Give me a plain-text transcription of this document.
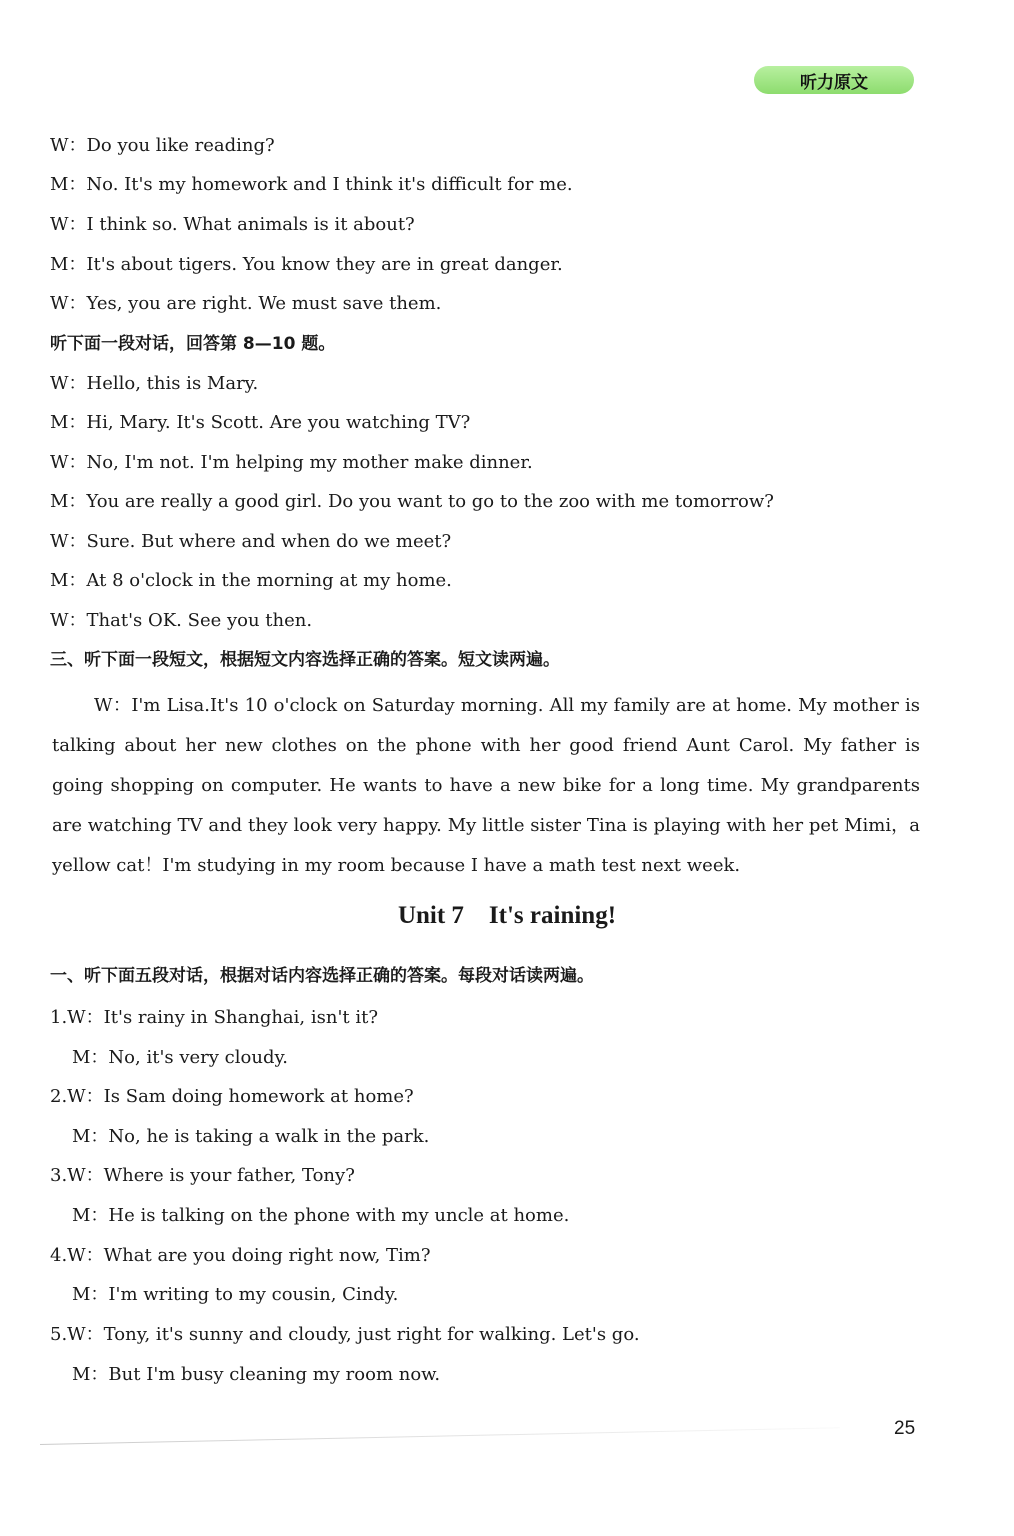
听力原文
W：Do you like reading?
M：No. It's my homework and I think it's difficult for me.
W：I think so. What animals is it about?
M：It's about tigers. You know they are in great danger.
W：Yes, you are right. We must save them.
听下面一段对话，回答第 8—10 题。
W：Hello, this is Mary.
M：Hi, Mary. It's Scott. Are you watching TV?
W：No, I'm not. I'm helping my mother make dinner.
M：You are really a good girl. Do you want to go to the zoo with me tomorrow?
W：Sure. But where and when do we meet?
M：At 8 o'clock in the morning at my home.
W：That's OK. See you then.
三、听下面一段短文，根据短文内容选择正确的答案。短文读两遍。
W：I'm Lisa.It's 10 o'clock on Saturday morning. All my family are at home. My mother is talking about her new clothes on the phone with her good friend Aunt Carol. My father is going shopping on computer. He wants to have a new bike for a long time. My grandparents are watching TV and they look very happy. My little sister Tina is playing with her pet Mimi，a yellow cat！I'm studying in my room because I have a math test next week.
Unit 7    It's raining!
一、听下面五段对话，根据对话内容选择正确的答案。每段对话读两遍。
1.W：It's rainy in Shanghai, isn't it?
M：No, it's very cloudy.
2.W：Is Sam doing homework at home?
M：No, he is taking a walk in the park.
3.W：Where is your father, Tony?
M：He is talking on the phone with my uncle at home.
4.W：What are you doing right now, Tim?
M：I'm writing to my cousin, Cindy.
5.W：Tony, it's sunny and cloudy, just right for walking. Let's go.
M：But I'm busy cleaning my room now.
25
